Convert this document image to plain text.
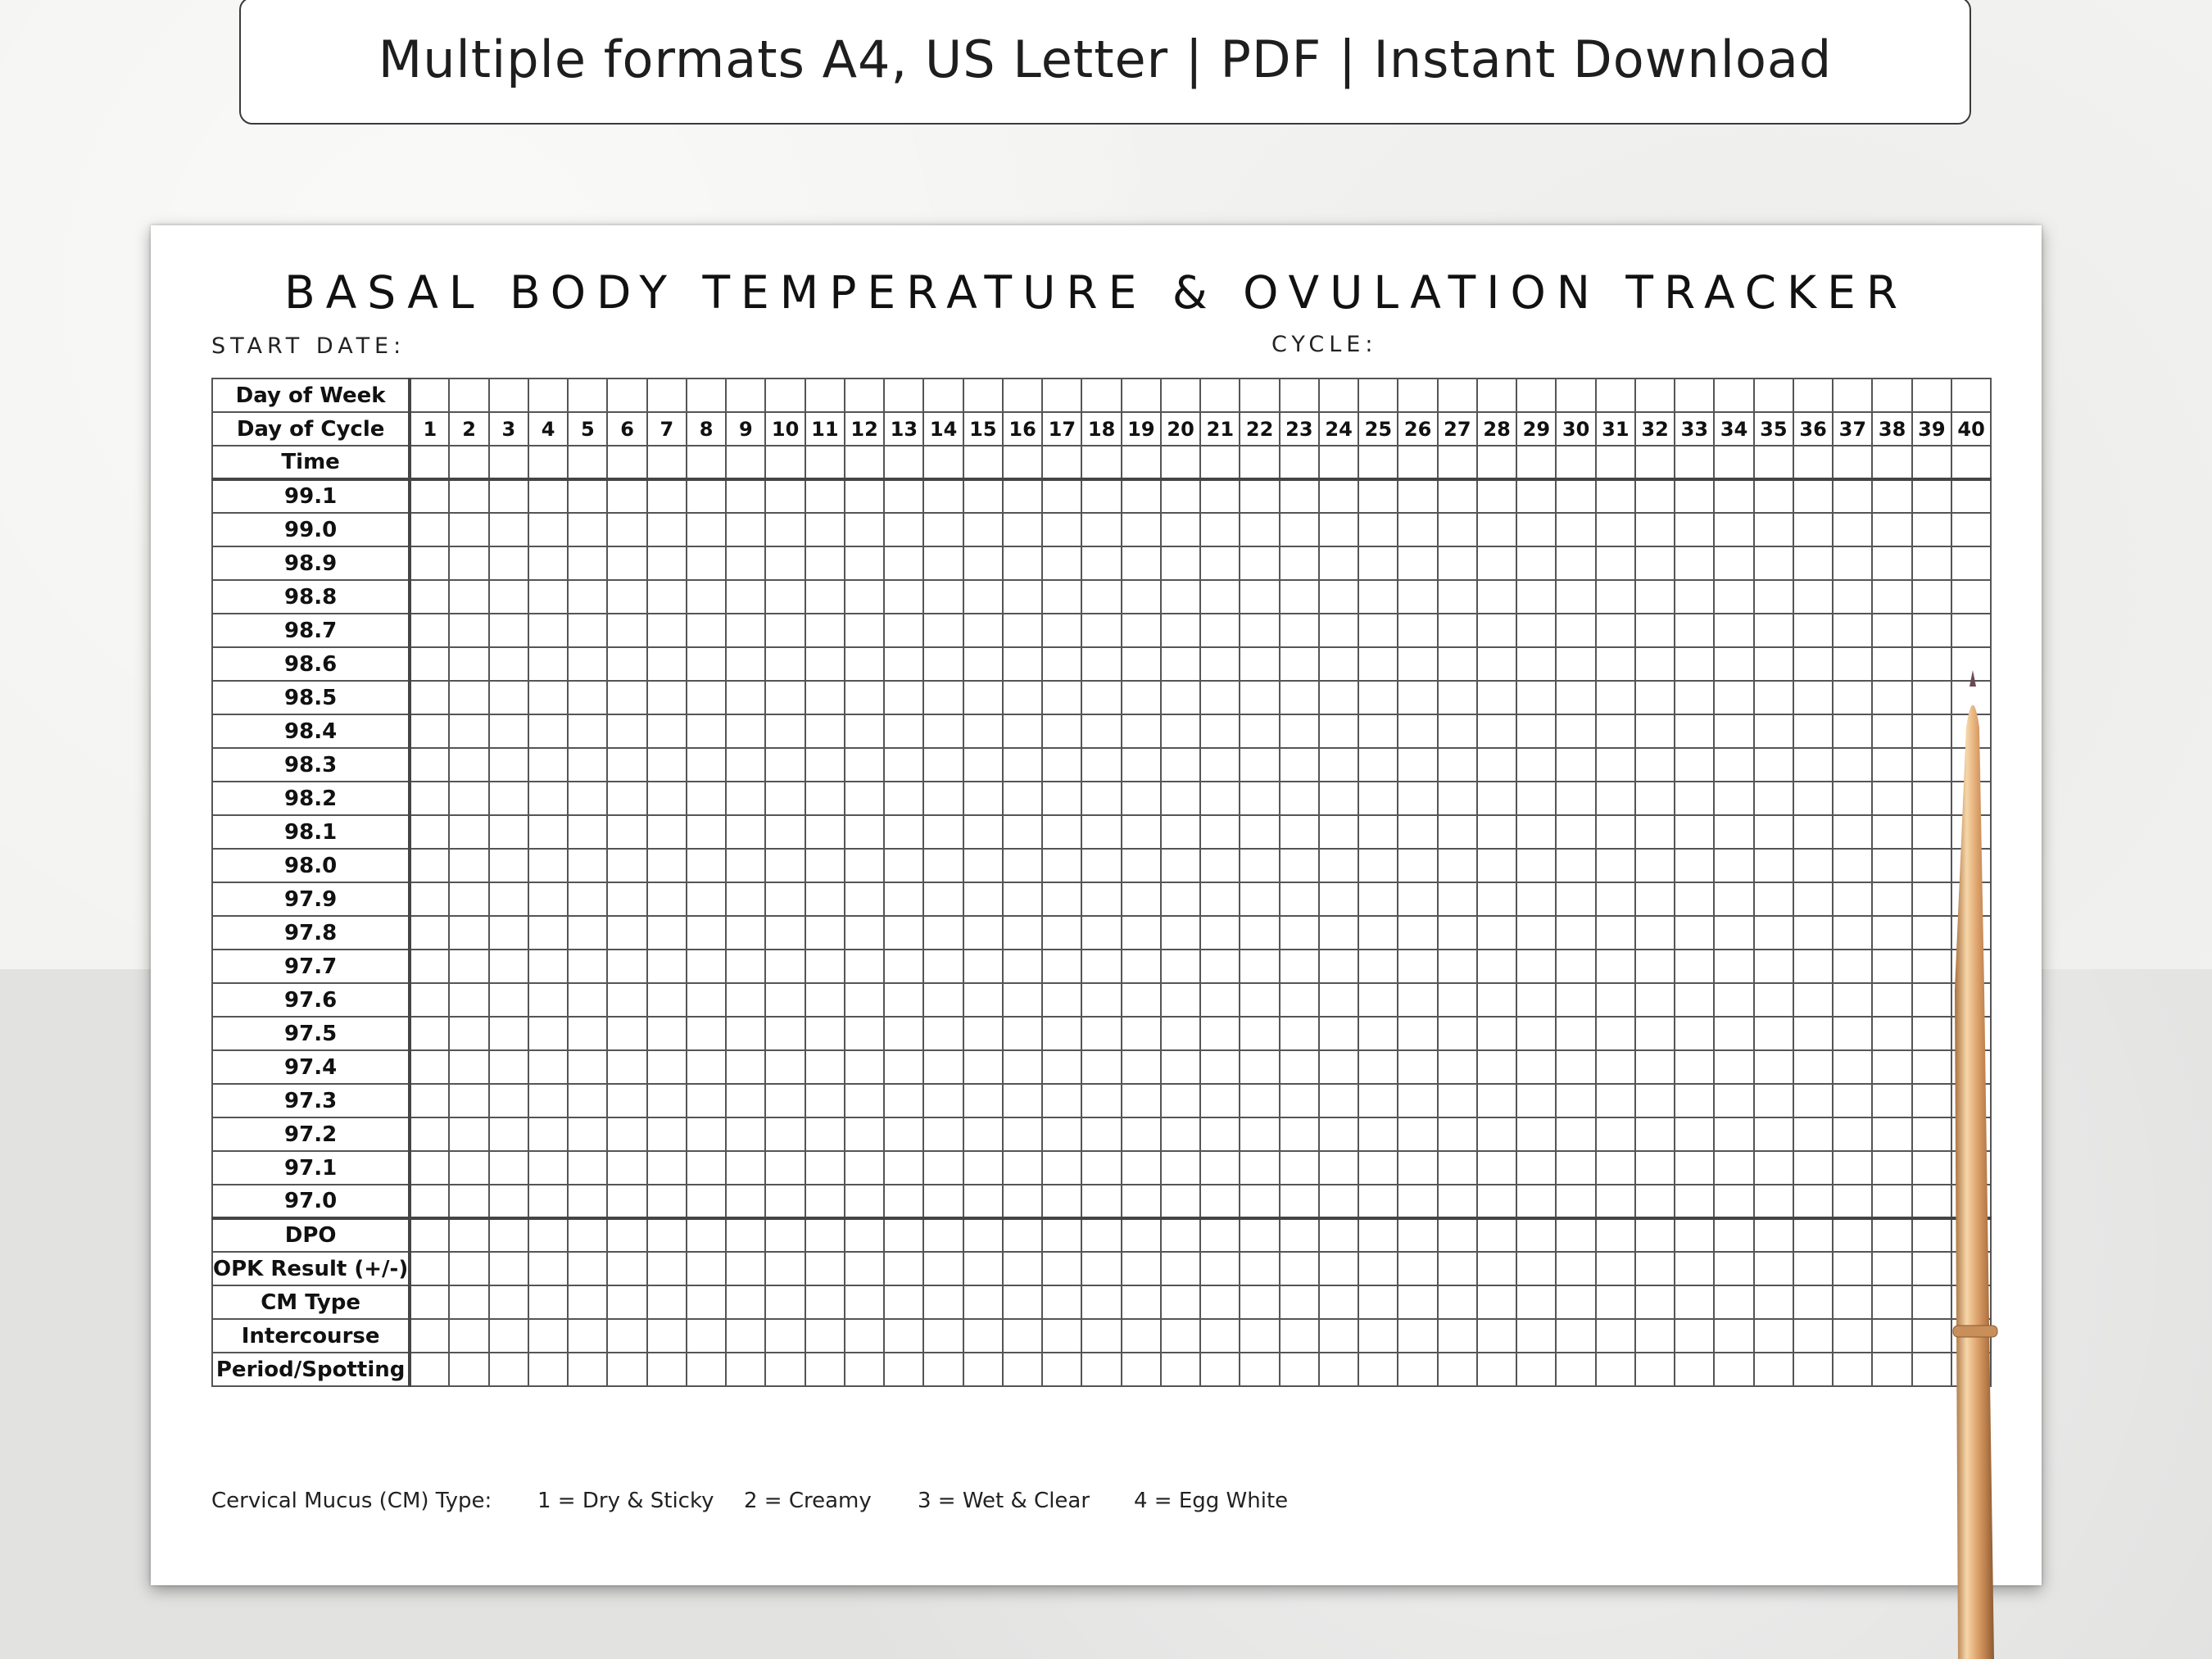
Multiple formats A4, US Letter | PDF | Instant Download
BASAL BODY TEMPERATURE & OVULATION TRACKER
START DATE:	CYCLE:
Day of Week																																								
Day of Cycle	1	2	3	4	5	6	7	8	9	10	11	12	13	14	15	16	17	18	19	20	21	22	23	24	25	26	27	28	29	30	31	32	33	34	35	36	37	38	39	40
Time																																								
99.1																																								
99.0																																								
98.9																																								
98.8																																								
98.7																																								
98.6																																								
98.5																																								
98.4																																								
98.3																																								
98.2																																								
98.1																																								
98.0																																								
97.9																																								
97.8																																								
97.7																																								
97.6																																								
97.5																																								
97.4																																								
97.3																																								
97.2																																								
97.1																																								
97.0																																								
DPO																																								
OPK Result (+/-)																																								
CM Type																																								
Intercourse																																								
Period/Spotting																																								
Cervical Mucus (CM) Type: 1 = Dry & Sticky 2 = Creamy 3 = Wet & Clear 4 = Egg White
